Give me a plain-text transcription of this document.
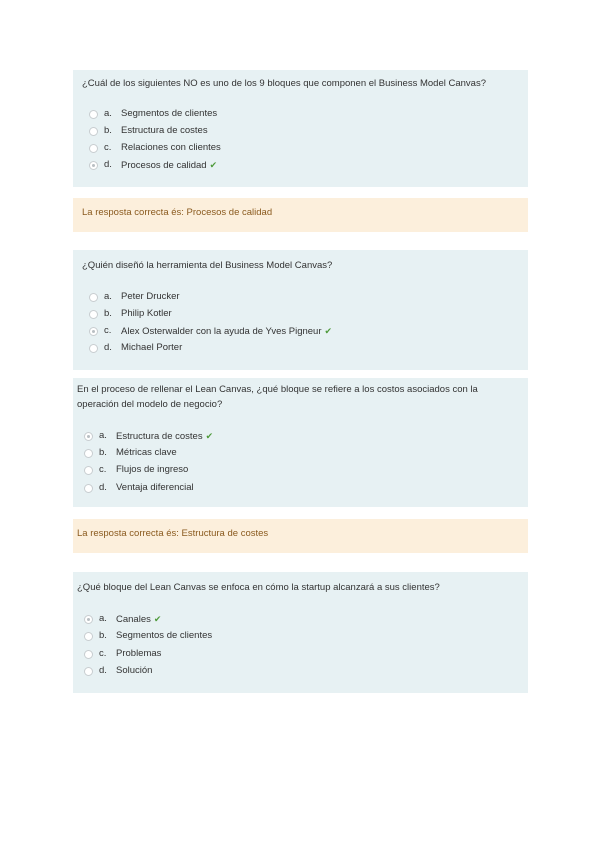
¿Cuál de los siguientes NO es uno de los 9 bloques que componen el Business Model Canvas?
a. Segmentos de clientes
b. Estructura de costes
c. Relaciones con clientes
d. Procesos de calidad ✔
La resposta correcta és: Procesos de calidad
¿Quién diseñó la herramienta del Business Model Canvas?
a. Peter Drucker
b. Philip Kotler
c. Alex Osterwalder con la ayuda de Yves Pigneur ✔
d. Michael Porter
En el proceso de rellenar el Lean Canvas, ¿qué bloque se refiere a los costos asociados con la
operación del modelo de negocio?
a. Estructura de costes ✔
b. Métricas clave
c. Flujos de ingreso
d. Ventaja diferencial
La resposta correcta és: Estructura de costes
¿Qué bloque del Lean Canvas se enfoca en cómo la startup alcanzará a sus clientes?
a. Canales ✔
b. Segmentos de clientes
c. Problemas
d. Solución
